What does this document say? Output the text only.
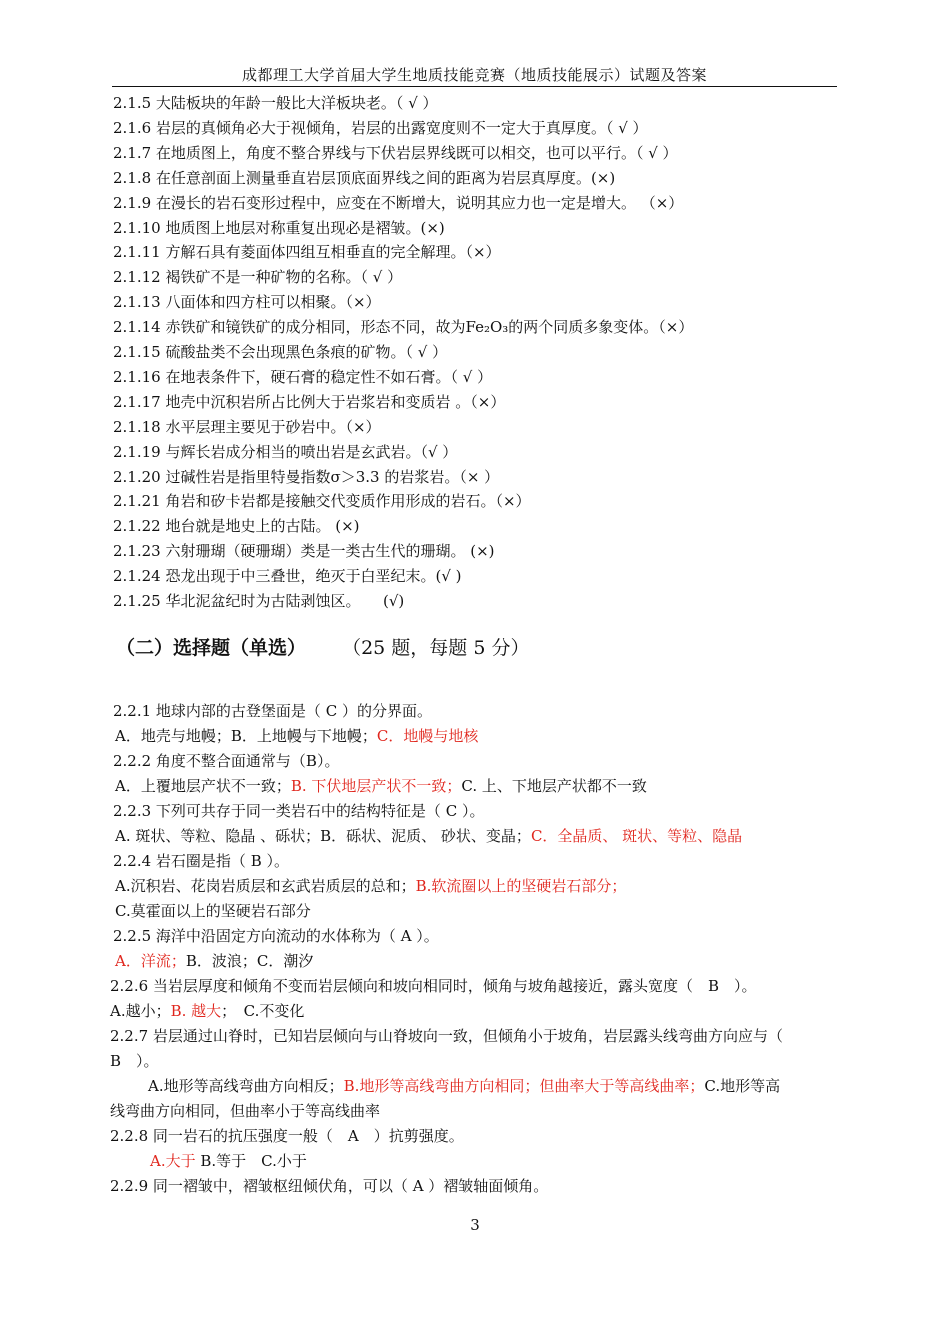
成都理工大学首届大学生地质技能竞赛（地质技能展示）试题及答案
2.1.5 大陆板块的年龄一般比大洋板块老。（ √ ）
2.1.6 岩层的真倾角必大于视倾角，岩层的出露宽度则不一定大于真厚度。（ √ ）
2.1.7 在地质图上，角度不整合界线与下伏岩层界线既可以相交，也可以平行。（ √ ）
2.1.8 在任意剖面上测量垂直岩层顶底面界线之间的距离为岩层真厚度。(×)
2.1.9 在漫长的岩石变形过程中，应变在不断增大，说明其应力也一定是增大。 （×）
2.1.10 地质图上地层对称重复出现必是褶皱。(×)
2.1.11 方解石具有菱面体四组互相垂直的完全解理。（×）
2.1.12 褐铁矿不是一种矿物的名称。（ √ ）
2.1.13 八面体和四方柱可以相聚。（×）
2.1.14 赤铁矿和镜铁矿的成分相同，形态不同，故为Fe₂O₃的两个同质多象变体。（×）
2.1.15 硫酸盐类不会出现黑色条痕的矿物。（ √ ）
2.1.16 在地表条件下，硬石膏的稳定性不如石膏。（ √ ）
2.1.17 地壳中沉积岩所占比例大于岩浆岩和变质岩 。（×）
2.1.18 水平层理主要见于砂岩中。（×）
2.1.19 与辉长岩成分相当的喷出岩是玄武岩。（√ ）
2.1.20 过碱性岩是指里特曼指数σ＞3.3 的岩浆岩。（× ）
2.1.21 角岩和矽卡岩都是接触交代变质作用形成的岩石。（×）
2.1.22 地台就是地史上的古陆。 (×)
2.1.23 六射珊瑚（硬珊瑚）类是一类古生代的珊瑚。 (×)
2.1.24 恐龙出现于中三叠世，绝灭于白垩纪末。(√ )
2.1.25 华北泥盆纪时为古陆剥蚀区。　　(√)
（二）选择题（单选） （25 题，每题 5 分）
2.2.1 地球内部的古登堡面是（ C ）的分界面。
A．地壳与地幔；B．上地幔与下地幔；C．地幔与地核
2.2.2 角度不整合面通常与（B）。
A．上覆地层产状不一致；B. 下伏地层产状不一致；C. 上、下地层产状都不一致
2.2.3 下列可共存于同一类岩石中的结构特征是（ C ）。
A. 斑状、等粒、隐晶 、砾状；B．砾状、泥质、 砂状、变晶；C．全晶质、 斑状、等粒、隐晶
2.2.4 岩石圈是指（ B ）。
A.沉积岩、花岗岩质层和玄武岩质层的总和；B.软流圈以上的坚硬岩石部分；
C.莫霍面以上的坚硬岩石部分
2.2.5 海洋中沿固定方向流动的水体称为（ A ）。
A．洋流；B．波浪；C．潮汐
2.2.6 当岩层厚度和倾角不变而岩层倾向和坡向相同时，倾角与坡角越接近，露头宽度（　B　）。
A.越小；B. 越大；　C.不变化
2.2.7 岩层通过山脊时，已知岩层倾向与山脊坡向一致，但倾角小于坡角，岩层露头线弯曲方向应与（
B　）。
A.地形等高线弯曲方向相反；B.地形等高线弯曲方向相同；但曲率大于等高线曲率；C.地形等高
线弯曲方向相同，但曲率小于等高线曲率
2.2.8 同一岩石的抗压强度一般（　A　）抗剪强度。
A.大于 B.等于　C.小于
2.2.9 同一褶皱中，褶皱枢纽倾伏角，可以（ A ）褶皱轴面倾角。
3
